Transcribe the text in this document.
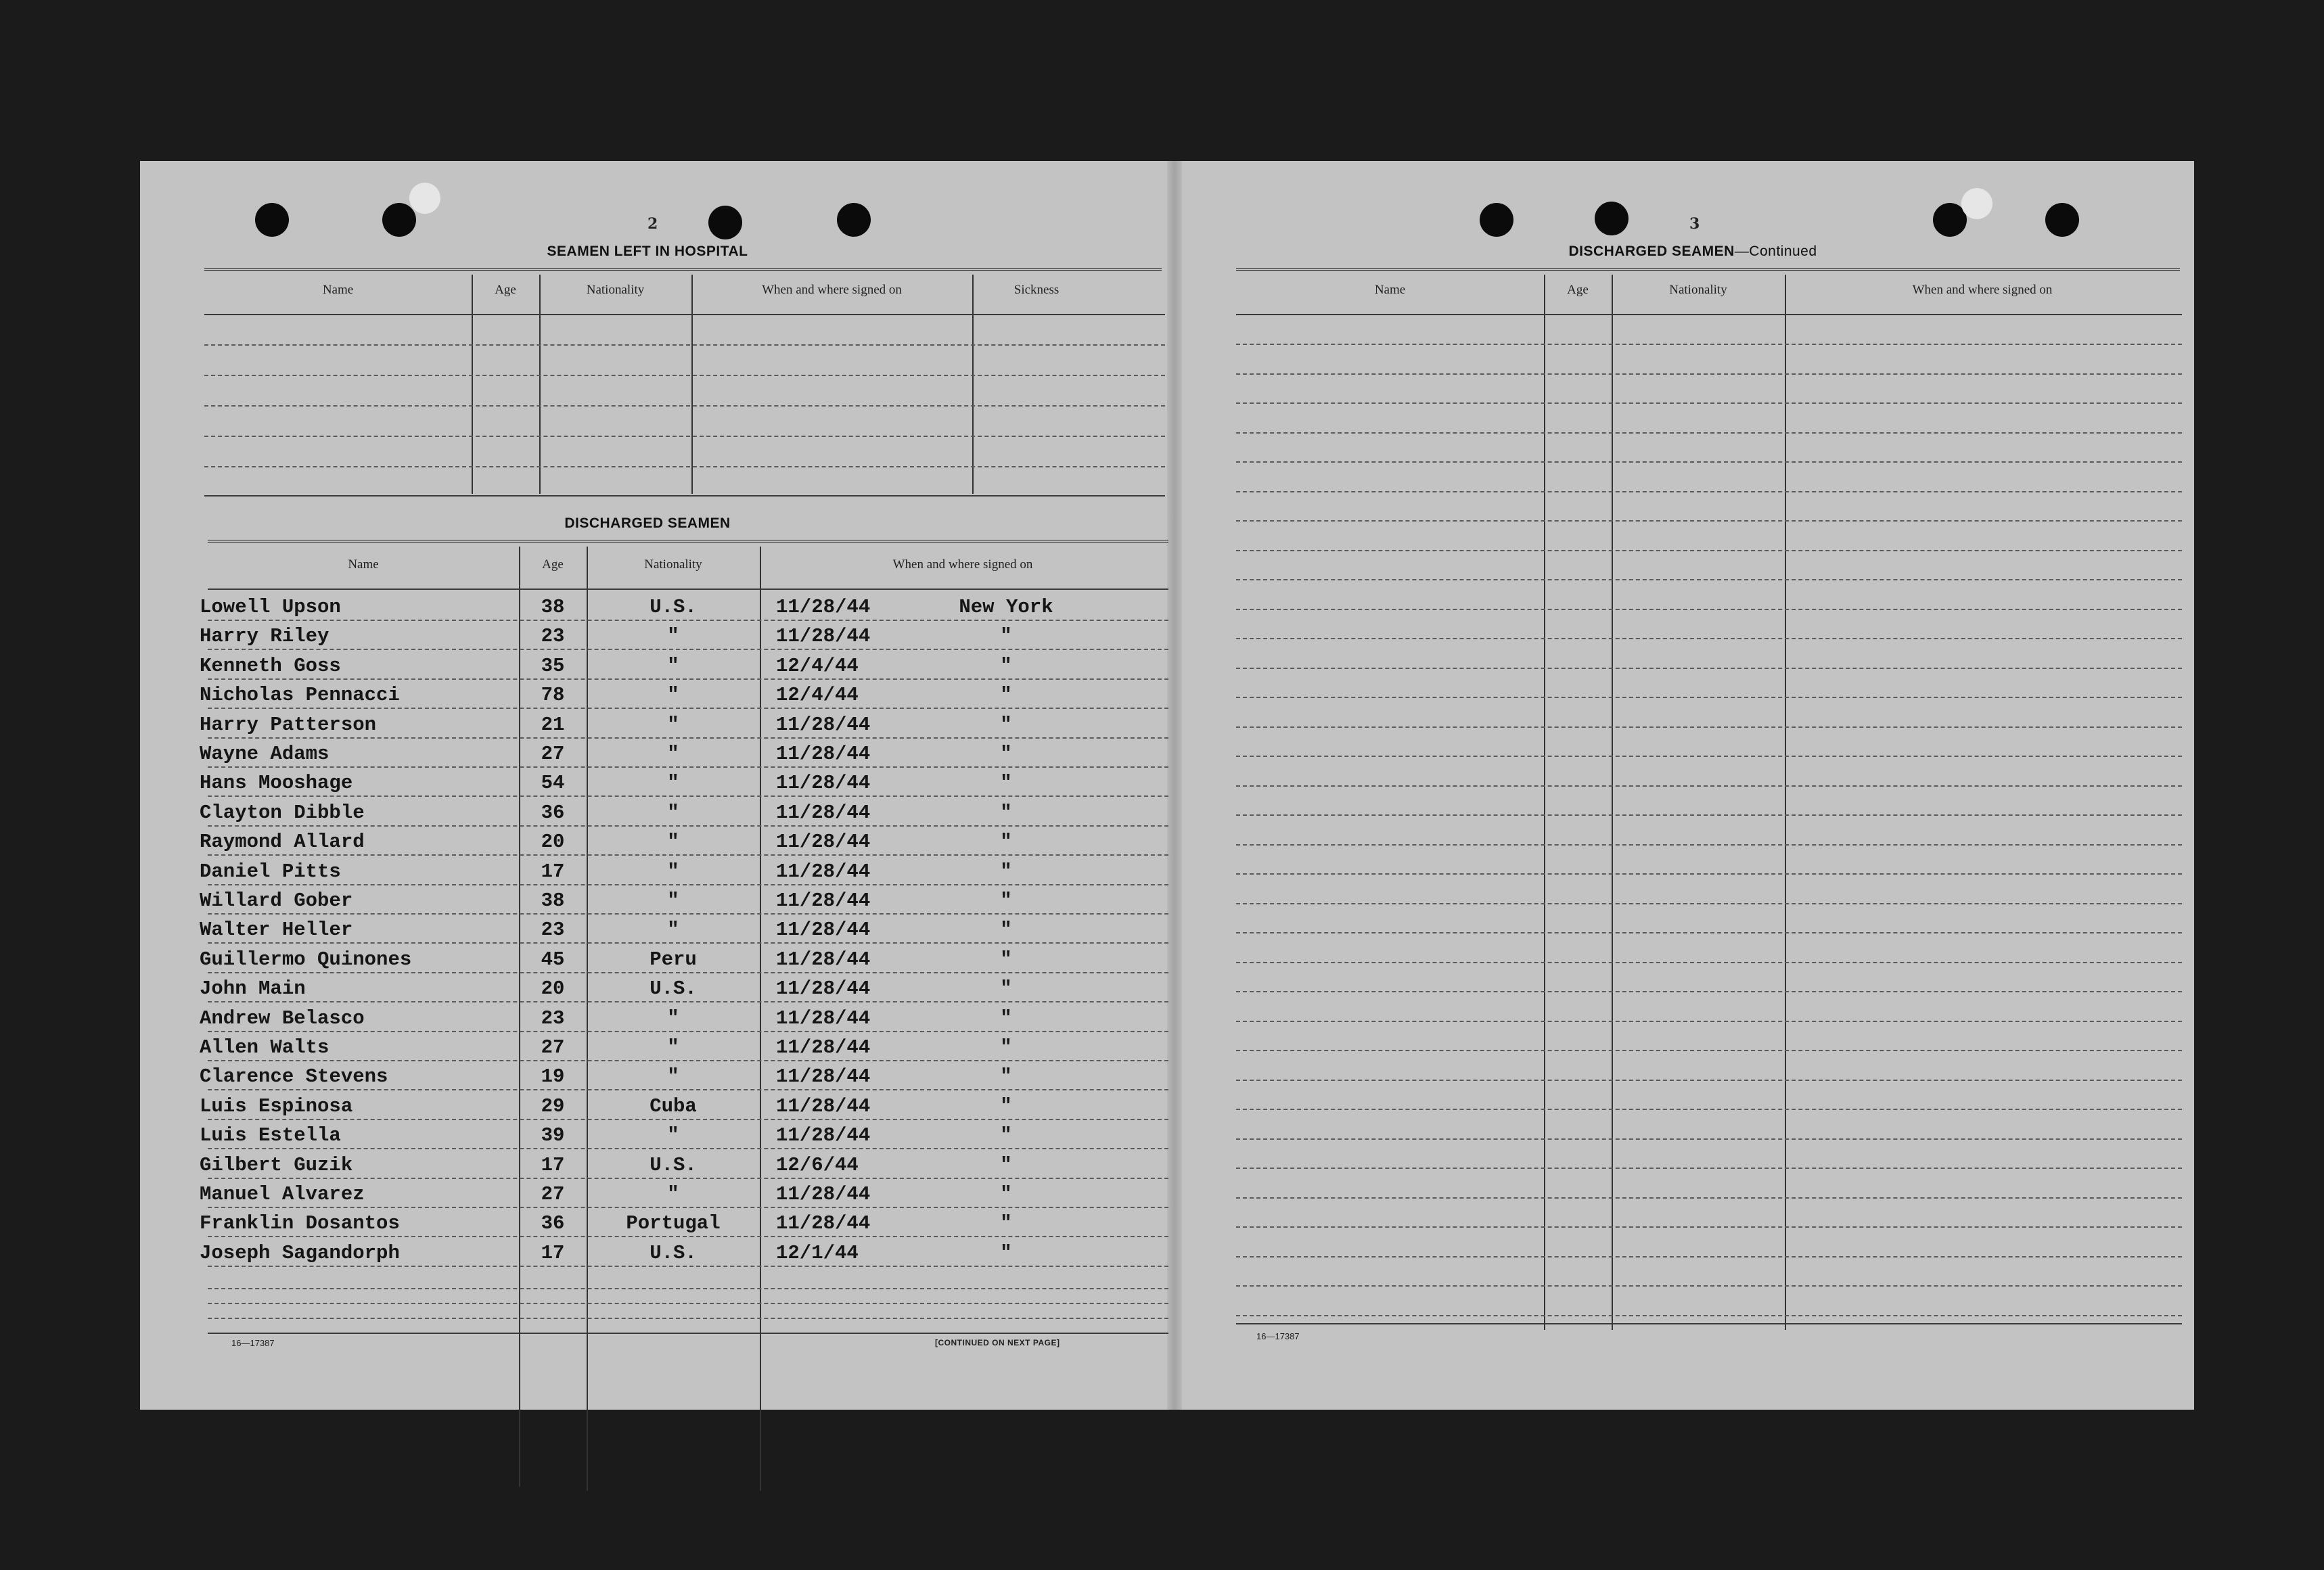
2
SEAMEN LEFT IN HOSPITAL
Name	Age	Nationality	When and where signed on	Sickness
DISCHARGED SEAMEN
Name	Age	Nationality	When and where signed on
Lowell Upson	38	U.S.	11/28/44	New York
Harry Riley	23	"	11/28/44	"
Kenneth Goss	35	"	12/4/44	"
Nicholas Pennacci	78	"	12/4/44	"
Harry Patterson	21	"	11/28/44	"
Wayne Adams	27	"	11/28/44	"
Hans Mooshage	54	"	11/28/44	"
Clayton Dibble	36	"	11/28/44	"
Raymond Allard	20	"	11/28/44	"
Daniel Pitts	17	"	11/28/44	"
Willard Gober	38	"	11/28/44	"
Walter Heller	23	"	11/28/44	"
Guillermo Quinones	45	Peru	11/28/44	"
John Main	20	U.S.	11/28/44	"
Andrew Belasco	23	"	11/28/44	"
Allen Walts	27	"	11/28/44	"
Clarence Stevens	19	"	11/28/44	"
Luis Espinosa	29	Cuba	11/28/44	"
Luis Estella	39	"	11/28/44	"
Gilbert Guzik	17	U.S.	12/6/44	"
Manuel Alvarez	27	"	11/28/44	"
Franklin Dosantos	36	Portugal	11/28/44	"
Joseph Sagandorph	17	U.S.	12/1/44	"
16—17387	[CONTINUED ON NEXT PAGE]
3
DISCHARGED SEAMEN—Continued
Name	Age	Nationality	When and where signed on
16—17387
